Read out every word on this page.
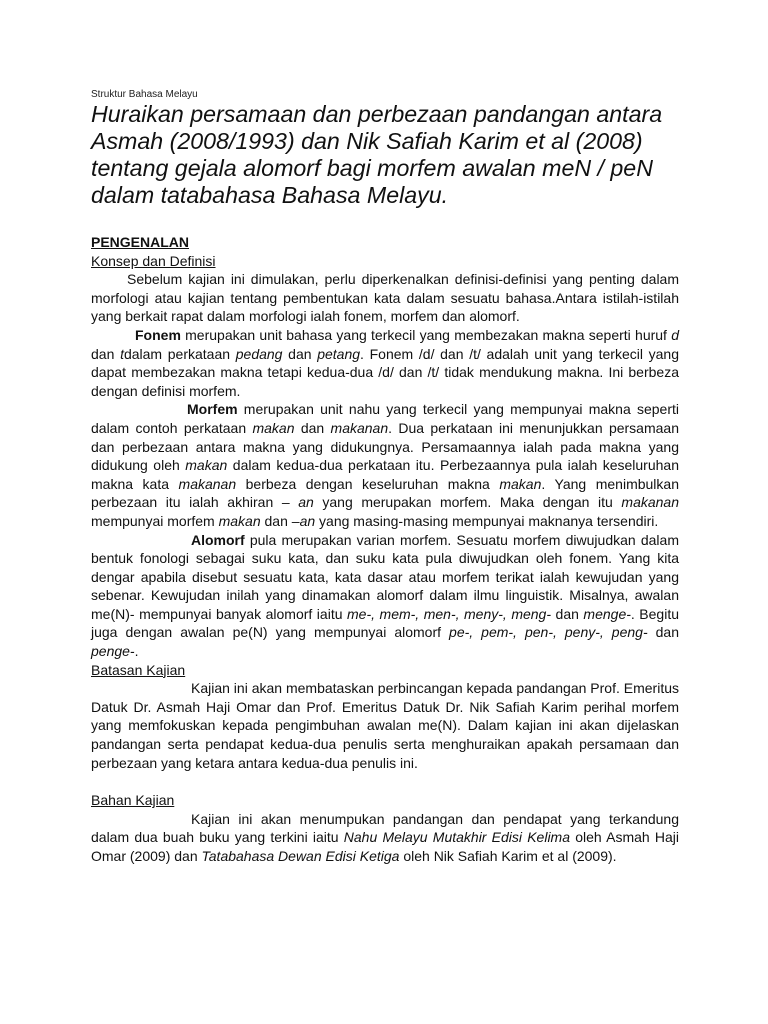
Struktur Bahasa Melayu
Huraikan persamaan dan perbezaan pandangan antara
Asmah (2008/1993) dan Nik Safiah Karim et al (2008)
tentang gejala alomorf bagi morfem awalan meN / peN
dalam tatabahasa Bahasa Melayu.
PENGENALAN
Konsep dan Definisi

Sebelum kajian ini dimulakan, perlu diperkenalkan definisi-definisi yang penting dalam morfologi atau kajian tentang pembentukan kata dalam sesuatu bahasa.Antara istilah-istilah yang berkait rapat dalam morfologi ialah fonem, morfem dan alomorf.

Fonem merupakan unit bahasa yang terkecil yang membezakan makna seperti huruf d dan tdalam perkataan pedang dan petang. Fonem /d/ dan /t/ adalah unit yang terkecil yang dapat membezakan makna tetapi kedua-dua /d/ dan /t/ tidak mendukung makna. Ini berbeza dengan definisi morfem.

Morfem merupakan unit nahu yang terkecil yang mempunyai makna seperti dalam contoh perkataan makan dan makanan. Dua perkataan ini menunjukkan persamaan dan perbezaan antara makna yang didukungnya. Persamaannya ialah pada makna yang didukung oleh makan dalam kedua-dua perkataan itu. Perbezaannya pula ialah keseluruhan makna kata makanan berbeza dengan keseluruhan makna makan. Yang menimbulkan perbezaan itu ialah akhiran – an yang merupakan morfem. Maka dengan itu makanan mempunyai morfem makan dan –an yang masing-masing mempunyai maknanya tersendiri.

Alomorf pula merupakan varian morfem. Sesuatu morfem diwujudkan dalam bentuk fonologi sebagai suku kata, dan suku kata pula diwujudkan oleh fonem. Yang kita dengar apabila disebut sesuatu kata, kata dasar atau morfem terikat ialah kewujudan yang sebenar. Kewujudan inilah yang dinamakan alomorf dalam ilmu linguistik. Misalnya, awalan me(N)- mempunyai banyak alomorf iaitu me-, mem-, men-, meny-, meng- dan menge-. Begitu juga dengan awalan pe(N) yang mempunyai alomorf pe-, pem-, pen-, peny-, peng- dan penge-.

Batasan Kajian

Kajian ini akan membataskan perbincangan kepada pandangan Prof. Emeritus Datuk Dr. Asmah Haji Omar dan Prof. Emeritus Datuk Dr. Nik Safiah Karim perihal morfem yang memfokuskan kepada pengimbuhan awalan me(N). Dalam kajian ini akan dijelaskan pandangan serta pendapat kedua-dua penulis serta menghuraikan apakah persamaan dan perbezaan yang ketara antara kedua-dua penulis ini.

Bahan Kajian

Kajian ini akan menumpukan pandangan dan pendapat yang terkandung dalam dua buah buku yang terkini iaitu Nahu Melayu Mutakhir Edisi Kelima oleh Asmah Haji Omar (2009) dan Tatabahasa Dewan Edisi Ketiga oleh Nik Safiah Karim et al (2009).
